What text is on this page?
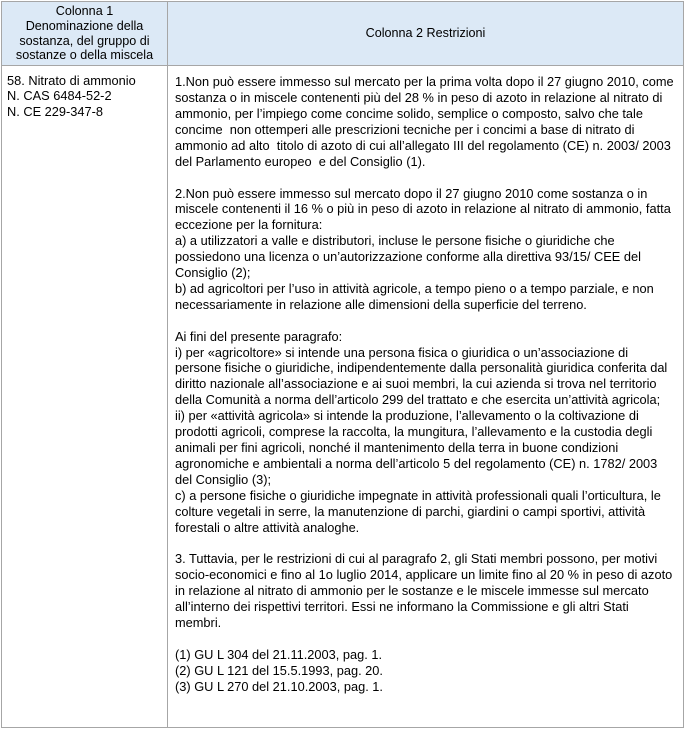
Colonna 1
Denominazione della sostanza, del gruppo di sostanze o della miscela
Colonna 2 Restrizioni
58. Nitrato di ammonio
N. CAS 6484-52-2
N. CE 229-347-8
1.Non può essere immesso sul mercato per la prima volta dopo il 27 giugno 2010, come sostanza o in miscele contenenti più del 28 % in peso di azoto in relazione al nitrato di ammonio, per l’impiego come concime solido, semplice o composto, salvo che tale concime  non ottemperi alle prescrizioni tecniche per i concimi a base di nitrato di ammonio ad alto  titolo di azoto di cui all’allegato III del regolamento (CE) n. 2003/ 2003 del Parlamento europeo  e del Consiglio (1).
2.Non può essere immesso sul mercato dopo il 27 giugno 2010 come sostanza o in miscele contenenti il 16 % o più in peso di azoto in relazione al nitrato di ammonio, fatta eccezione per la fornitura:
a) a utilizzatori a valle e distributori, incluse le persone fisiche o giuridiche che possiedono una licenza o un’autorizzazione conforme alla direttiva 93/15/ CEE del Consiglio (2);
b) ad agricoltori per l’uso in attività agricole, a tempo pieno o a tempo parziale, e non necessariamente in relazione alle dimensioni della superficie del terreno.
Ai fini del presente paragrafo:
i) per «agricoltore» si intende una persona fisica o giuridica o un’associazione di persone fisiche o giuridiche, indipendentemente dalla personalità giuridica conferita dal diritto nazionale all’associazione e ai suoi membri, la cui azienda si trova nel territorio della Comunità a norma dell’articolo 299 del trattato e che esercita un’attività agricola;
ii) per «attività agricola» si intende la produzione, l’allevamento o la coltivazione di prodotti agricoli, comprese la raccolta, la mungitura, l’allevamento e la custodia degli animali per fini agricoli, nonché il mantenimento della terra in buone condizioni agronomiche e ambientali a norma dell’articolo 5 del regolamento (CE) n. 1782/ 2003 del Consiglio (3);
c) a persone fisiche o giuridiche impegnate in attività professionali quali l’orticultura, le colture vegetali in serre, la manutenzione di parchi, giardini o campi sportivi, attività forestali o altre attività analoghe.
3. Tuttavia, per le restrizioni di cui al paragrafo 2, gli Stati membri possono, per motivi socio-economici e fino al 1o luglio 2014, applicare un limite fino al 20 % in peso di azoto in relazione al nitrato di ammonio per le sostanze e le miscele immesse sul mercato all’interno dei rispettivi territori. Essi ne informano la Commissione e gli altri Stati membri.
(1) GU L 304 del 21.11.2003, pag. 1.
(2) GU L 121 del 15.5.1993, pag. 20.
(3) GU L 270 del 21.10.2003, pag. 1.
